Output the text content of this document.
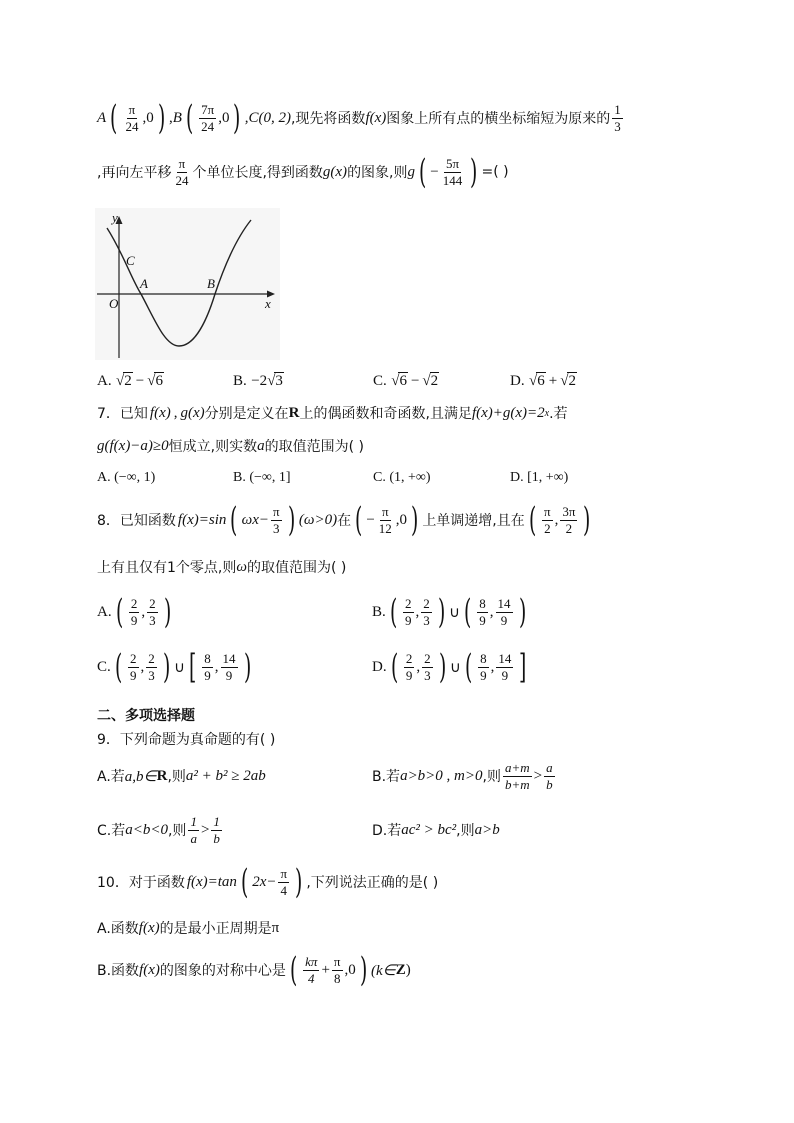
A ( $\frac{\pi}{24} ,0$ ) , B ( $\frac{7\pi}{24} ,0$ ) ,C(0, 2) ,现先将函数 f(x) 图象上所有点的横坐标缩短为原来的 $\frac{1}{3}$
,再向左平移 $\frac{\pi}{24}$ 个单位长度,得到函数 g(x) 的图象,则 g ( − $\frac{5\pi}{144}$ ) =( )
y
x
O
C
A	B
A.
√ 2 − √ 6	B.
−2 √ 3	C.
√ 6 − √ 2	D.
√ 6 + √ 2
7．已知 f(x) , g(x) 分别是定义在 R 上的偶函数和奇函数,且满足 f(x)+g(x)=2 x .若
g(f(x)−a)≥0 恒成立,则实数 a 的取值范围为( )
A. (−∞, 1)	B. (−∞, 1]	C. (1, +∞)	D. [1, +∞)
8．已知函数 f(x)=sin ( $\omega x- \frac{\pi}{3}$ ) (ω>0) 在 ( − $\frac{\pi}{12} ,0$ ) 上单调递增,且在 ( $\frac{\pi}{2}$ , $\frac{3\pi}{2}$ )
上有且仅有1个零点,则 ω 的取值范围为( )
A. ( $\frac{2}{9}$ , $\frac{2}{3}$ )	B. ( $\frac{2}{9}$ , $\frac{2}{3}$ ) ∪ ( $\frac{8}{9}$ , $\frac{14}{9}$ )
C. ( $\frac{2}{9}$ , $\frac{2}{3}$ ) ∪ [ $\frac{8}{9}$ , $\frac{14}{9}$ )	D. ( $\frac{2}{9}$ , $\frac{2}{3}$ ) ∪ ( $\frac{8}{9}$ , $\frac{14}{9}$ ]
二、多项选择题
9．下列命题为真命题的有( )
A.若 a,b∈ R ,则 a² + b² ≥ 2ab	B.若 a>b>0 , m>0 ,则 $\frac{a+m}{b+m} > \frac{a}{b}$
C.若 a<b<0 ,则 $\frac{1}{a} > \frac{1}{b}$	D.若 ac² > bc² ,则 a>b
10．对于函数 f(x)=tan ( $2x- \frac{\pi}{4}$ ) ,下列说法正确的是( )
A.函数 f(x) 的是最小正周期是 π
B.函数 f(x) 的图象的对称中心是 ( $\frac{k\pi}{4} + \frac{\pi}{8} ,0$ ) (k∈ Z )
